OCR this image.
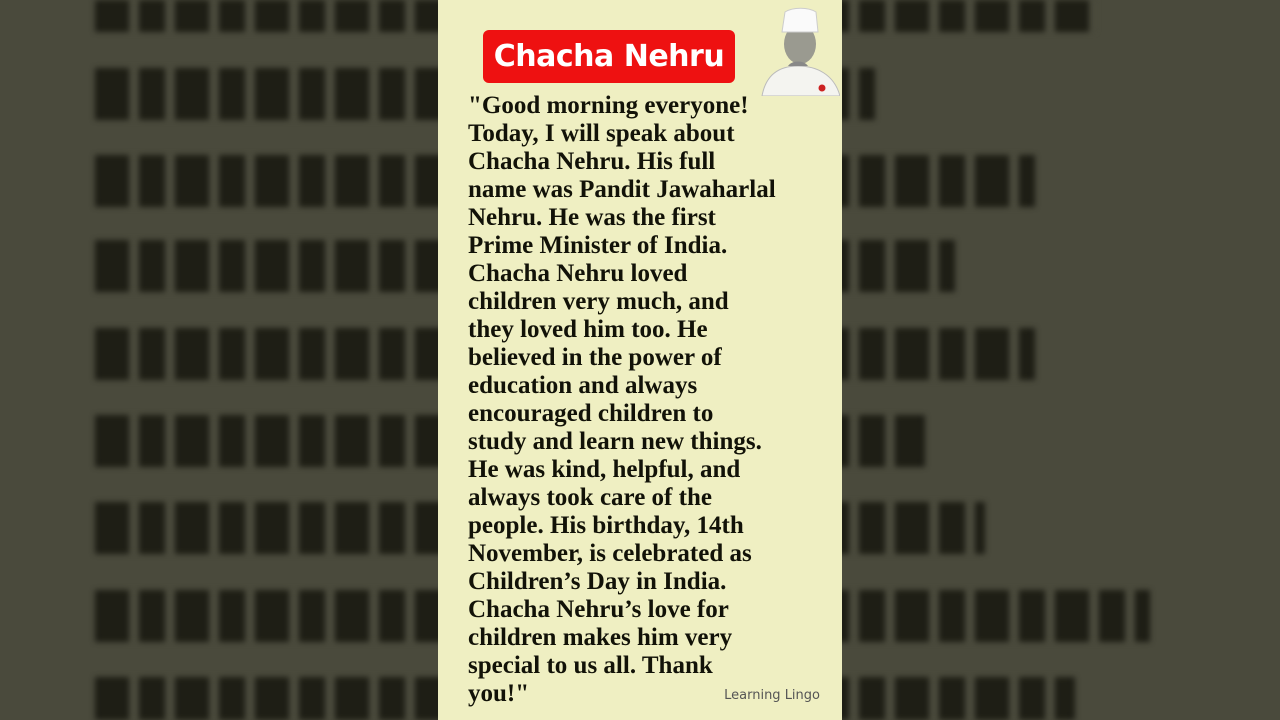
Chacha Nehru
"Good morning everyone!
Today, I will speak about
Chacha Nehru. His full
name was Pandit Jawaharlal
Nehru. He was the first
Prime Minister of India.
Chacha Nehru loved
children very much, and
they loved him too. He
believed in the power of
education and always
encouraged children to
study and learn new things.
He was kind, helpful, and
always took care of the
people. His birthday, 14th
November, is celebrated as
Children’s Day in India.
Chacha Nehru’s love for
children makes him very
special to us all. Thank
you!"	Learning Lingo
